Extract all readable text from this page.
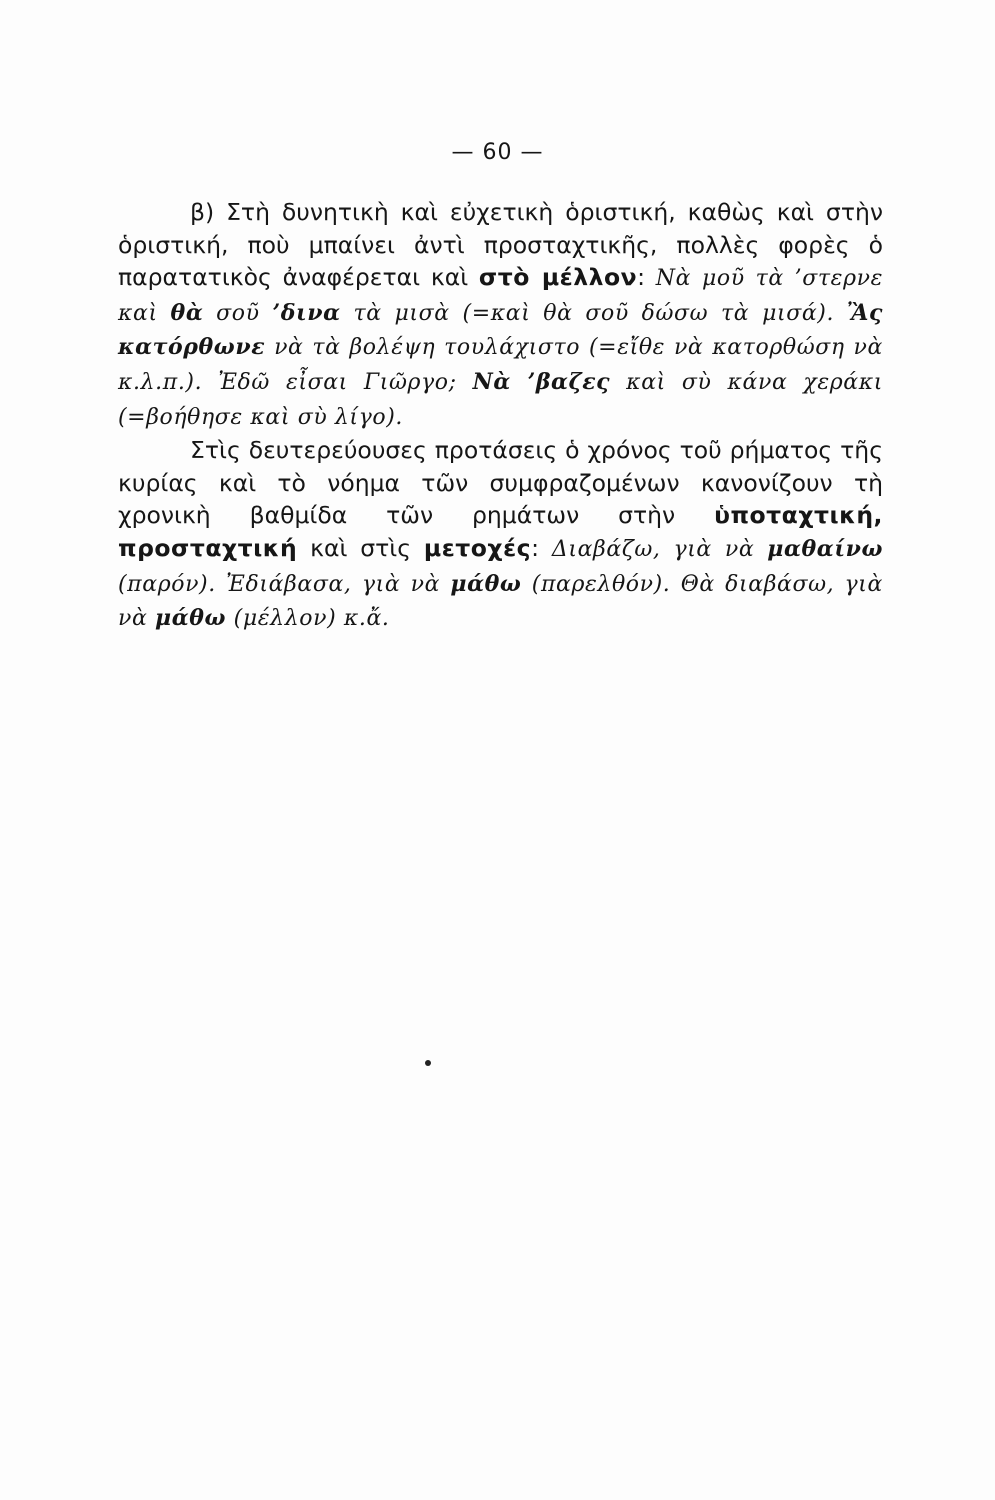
— 60 —

β) Στὴ δυνητικὴ καὶ εὐχετικὴ ὁριστική, καθὼς καὶ στὴν ὁριστική, ποὺ μπαίνει ἀντὶ προσταχτικῆς, πολλὲς φορὲς ὁ παρατατικὸς ἀναφέρεται καὶ στὸ μέλλον: Νὰ μοῦ τὰ ’στερνε καὶ θὰ σοῦ ’δινα τὰ μισὰ (=καὶ θὰ σοῦ δώσω τὰ μισά). Ἂς κατόρθωνε νὰ τὰ βολέψη τουλάχιστο (=εἴθε νὰ κατορθώση νὰ κ.λ.π.). Ἐδῶ εἶσαι Γιῶργο; Νὰ ’βαζες καὶ σὺ κάνα χεράκι (=βοήθησε καὶ σὺ λίγο).

Στὶς δευτερεύουσες προτάσεις ὁ χρόνος τοῦ ρήματος τῆς κυρίας καὶ τὸ νόημα τῶν συμφραζομένων κανονίζουν τὴ χρονικὴ βαθμίδα τῶν ρημάτων στὴν ὑποταχτική, προσταχτική καὶ στὶς μετοχές: Διαβάζω, γιὰ νὰ μαθαίνω (παρόν). Ἐδιάβασα, γιὰ νὰ μάθω (παρελθόν). Θὰ διαβάσω, γιὰ νὰ μάθω (μέλλον) κ.ἄ.
